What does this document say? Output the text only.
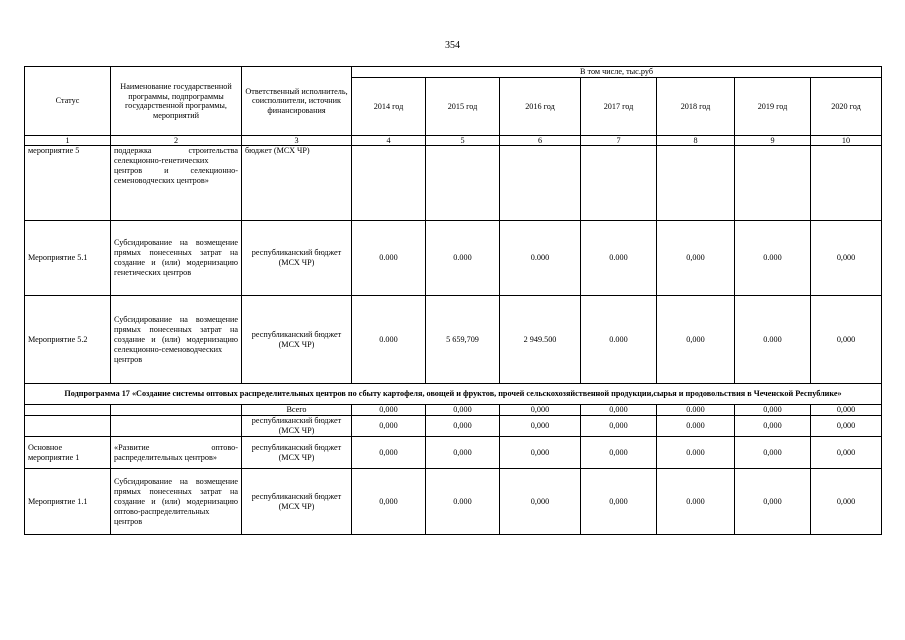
354
Статус	Наименование государственной программы, подпрограммы государственной программы, мероприятий	Ответственный исполнитель, соисполнители, источник финансирования	В том числе, тыс.руб						
			2014 год	2015 год	2016 год	2017 год	2018 год	2019 год	2020 год
1	2	3	4	5	6	7	8	9	10
мероприятие 5	поддержка строительства селекционно-генетических центров и селекционно-семеноводческих центров»	бюджет (МСХ ЧР)							
Мероприятие 5.1	Субсидирование на возмещение прямых понесенных затрат на создание и (или) модернизацию генетических центров	республиканский бюджет (МСХ ЧР)	0.000	0.000	0.000	0.000	0,000	0.000	0,000
Мероприятие 5.2	Субсидирование на возмещение прямых понесенных затрат на создание и (или) модернизацию селекционно-семеноводческих центров	республиканский бюджет (МСХ ЧР)	0.000	5 659,709	2 949.500	0.000	0,000	0.000	0,000
Подпрограмма 17 «Создание системы оптовых распределительных центров по сбыту картофеля, овощей и фруктов, прочей сельскохозяйственной продукции,сырья и продовольствия в Чеченской Республике»									
		Всего	0,000	0,000	0,000	0,000	0.000	0,000	0,000
		республиканский бюджет (МСХ ЧР)	0,000	0,000	0,000	0,000	0.000	0,000	0,000
Основное мероприятие 1	«Развитие оптово-распределительных центров»	республиканский бюджет (МСХ ЧР)	0,000	0,000	0,000	0,000	0.000	0,000	0,000
Мероприятие 1.1	Субсидирование на возмещение прямых понесенных затрат на создание и (или) модернизацию оптово-распределительных центров	республиканский бюджет (МСХ ЧР)	0,000	0.000	0,000	0,000	0.000	0,000	0,000
